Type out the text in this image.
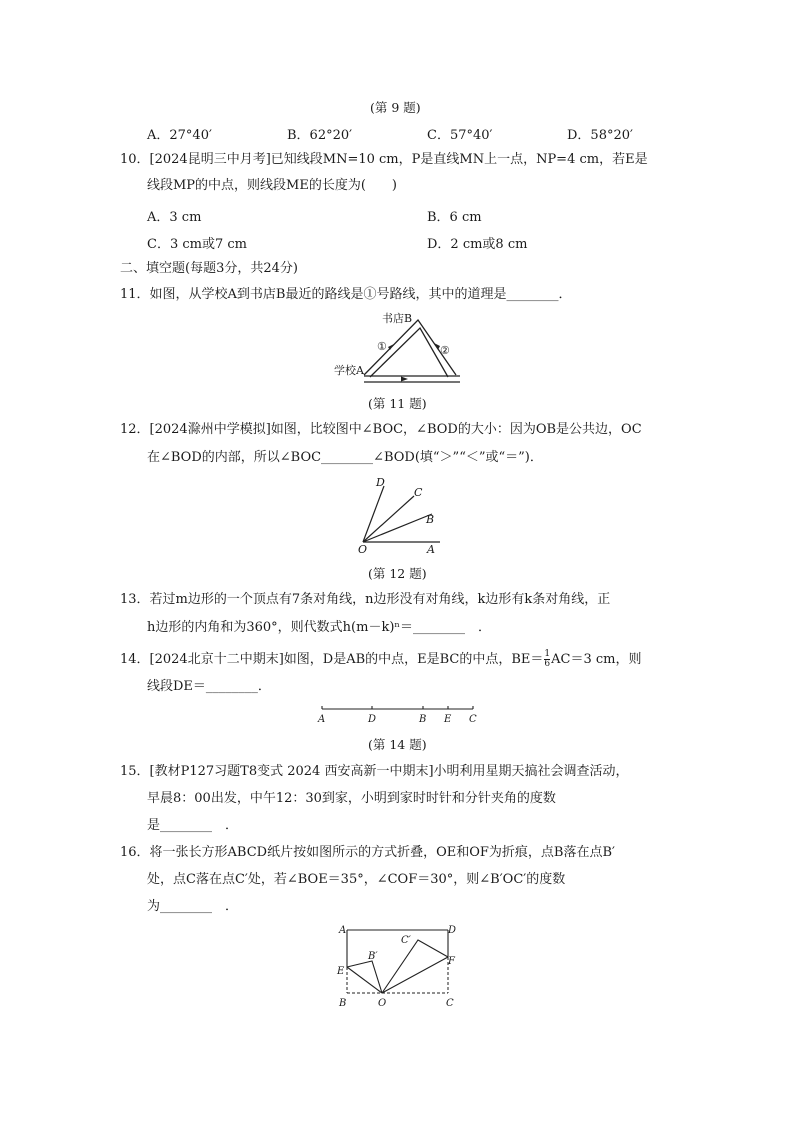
(第 9 题)
A．27°40′	B．62°20′	C．57°40′	D．58°20′
10．[2024昆明三中月考]已知线段MN=10 cm，P是直线MN上一点，NP=4 cm，若E是
线段MP的中点，则线段ME的长度为(　　)
A．3 cm	B．6 cm
C．3 cm或7 cm	D．2 cm或8 cm
二、填空题(每题3分，共24分)
11．如图，从学校A到书店B最近的路线是①号路线，其中的道理是________．
书店B
①	②
学校A
(第 11 题)
12．[2024滁州中学模拟]如图，比较图中∠BOC，∠BOD的大小：因为OB是公共边，OC
在∠BOD的内部，所以∠BOC________∠BOD(填“＞”“＜”或“＝”)．
D
C
B
O	A
(第 12 题)
13．若过m边形的一个顶点有7条对角线，n边形没有对角线，k边形有k条对角线，正
h边形的内角和为360°，则代数式h(m－k)ⁿ＝________　．
14．[2024北京十二中期末]如图，D是AB的中点，E是BC的中点，$BE= \frac{1}{6} AC=3$ cm，则
线段DE＝________．
A	D	B E C
(第 14 题)
15．[教材P127习题T8变式 2024 西安高新一中期末]小明利用星期天搞社会调查活动，
早晨8：00出发，中午12：30到家，小明到家时时针和分针夹角的度数
是________　．
16．将一张长方形ABCD纸片按如图所示的方式折叠，OE和OF为折痕，点B落在点B′
处，点C落在点C′处，若∠BOE＝35°，∠COF＝30°，则∠B′OC′的度数
为________　．
A	D
B′
C′
E
F
B	O	C
